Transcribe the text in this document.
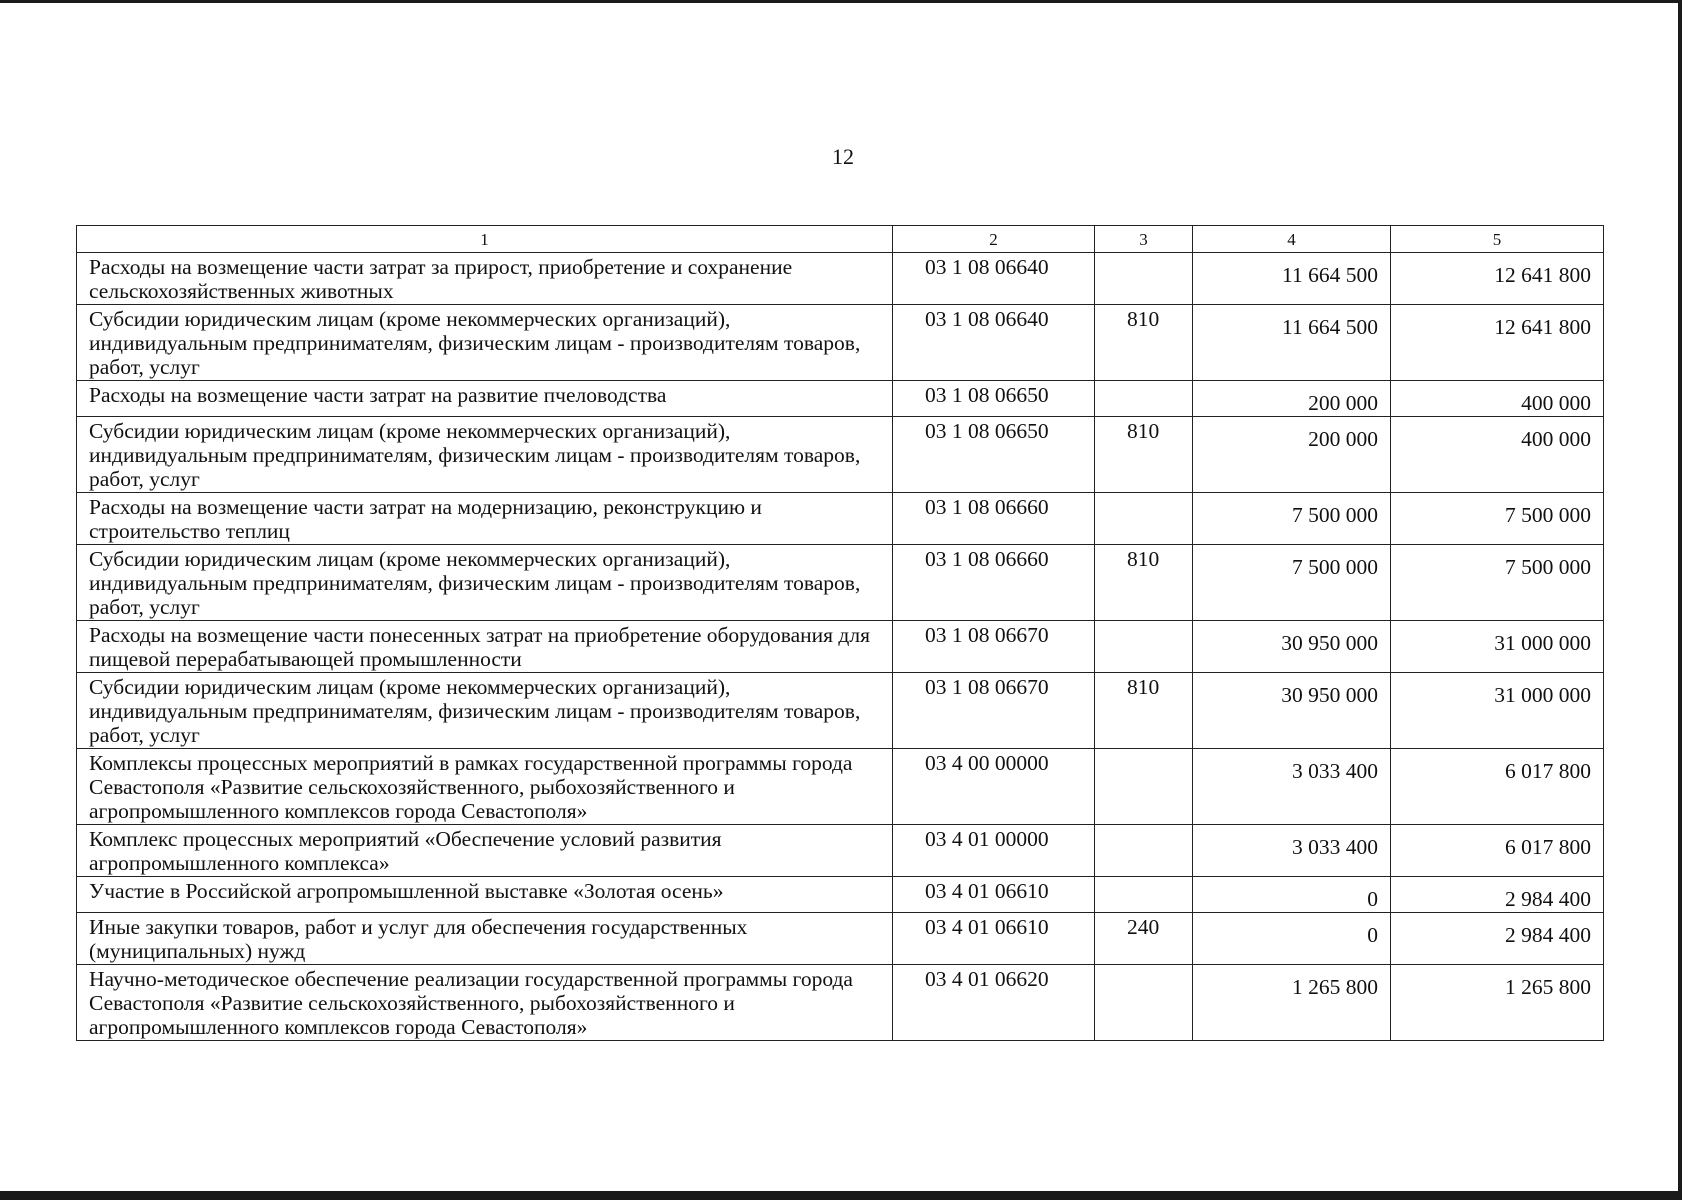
12
1	2	3	4	5
Расходы на возмещение части затрат за прирост, приобретение и сохранение сельскохозяйственных животных	03 1 08 06640		11 664 500	12 641 800
Субсидии юридическим лицам (кроме некоммерческих организаций), индивидуальным предпринимателям, физическим лицам - производителям товаров, работ, услуг	03 1 08 06640	810	11 664 500	12 641 800
Расходы на возмещение части затрат на развитие пчеловодства	03 1 08 06650		200 000	400 000
Субсидии юридическим лицам (кроме некоммерческих организаций), индивидуальным предпринимателям, физическим лицам - производителям товаров, работ, услуг	03 1 08 06650	810	200 000	400 000
Расходы на возмещение части затрат на модернизацию, реконструкцию и строительство теплиц	03 1 08 06660		7 500 000	7 500 000
Субсидии юридическим лицам (кроме некоммерческих организаций), индивидуальным предпринимателям, физическим лицам - производителям товаров, работ, услуг	03 1 08 06660	810	7 500 000	7 500 000
Расходы на возмещение части понесенных затрат на приобретение оборудования для пищевой перерабатывающей промышленности	03 1 08 06670		30 950 000	31 000 000
Субсидии юридическим лицам (кроме некоммерческих организаций), индивидуальным предпринимателям, физическим лицам - производителям товаров, работ, услуг	03 1 08 06670	810	30 950 000	31 000 000
Комплексы процессных мероприятий в рамках государственной программы города Севастополя «Развитие сельскохозяйственного, рыбохозяйственного и агропромышленного комплексов города Севастополя»	03 4 00 00000		3 033 400	6 017 800
Комплекс процессных мероприятий «Обеспечение условий развития агропромышленного комплекса»	03 4 01 00000		3 033 400	6 017 800
Участие в Российской агропромышленной выставке «Золотая осень»	03 4 01 06610		0	2 984 400
Иные закупки товаров, работ и услуг для обеспечения государственных (муниципальных) нужд	03 4 01 06610	240	0	2 984 400
Научно-методическое обеспечение реализации государственной программы города Севастополя «Развитие сельскохозяйственного, рыбохозяйственного и агропромышленного комплексов города Севастополя»	03 4 01 06620		1 265 800	1 265 800
